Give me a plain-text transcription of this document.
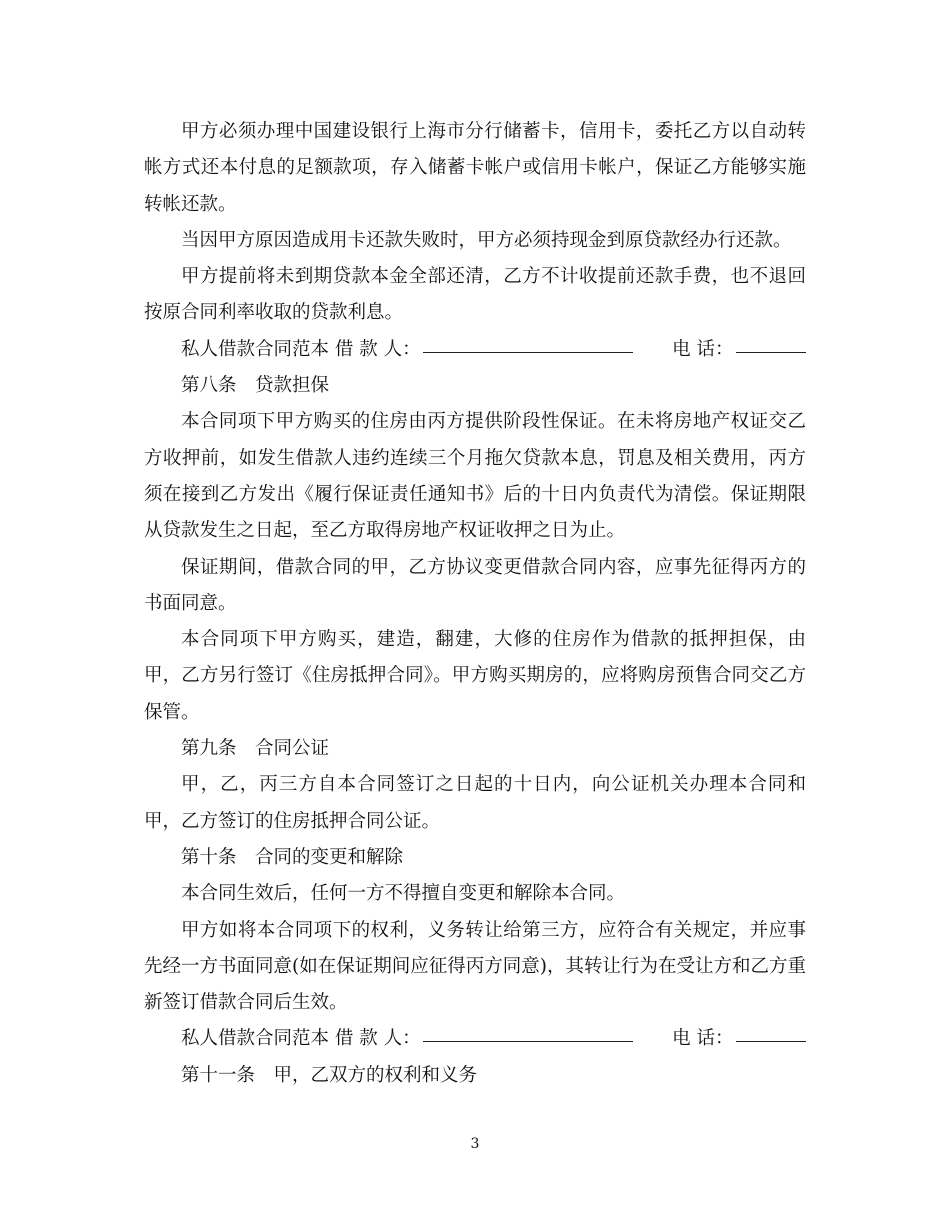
甲方必须办理中国建设银行上海市分行储蓄卡，信用卡，委托乙方以自动转帐方式还本付息的足额款项，存入储蓄卡帐户或信用卡帐户，保证乙方能够实施转帐还款。

当因甲方原因造成用卡还款失败时，甲方必须持现金到原贷款经办行还款。

甲方提前将未到期贷款本金全部还清，乙方不计收提前还款手费，也不退回按原合同利率收取的贷款利息。

私人借款合同范本 借 款 人：	电 话：

第八条　贷款担保

本合同项下甲方购买的住房由丙方提供阶段性保证。在未将房地产权证交乙方收押前，如发生借款人违约连续三个月拖欠贷款本息，罚息及相关费用，丙方须在接到乙方发出《履行保证责任通知书》后的十日内负责代为清偿。保证期限从贷款发生之日起，至乙方取得房地产权证收押之日为止。

保证期间，借款合同的甲，乙方协议变更借款合同内容，应事先征得丙方的书面同意。

本合同项下甲方购买，建造，翻建，大修的住房作为借款的抵押担保，由甲，乙方另行签订《住房抵押合同》。甲方购买期房的，应将购房预售合同交乙方保管。

第九条　合同公证

甲，乙，丙三方自本合同签订之日起的十日内，向公证机关办理本合同和甲，乙方签订的住房抵押合同公证。

第十条　合同的变更和解除

本合同生效后，任何一方不得擅自变更和解除本合同。

甲方如将本合同项下的权利，义务转让给第三方，应符合有关规定，并应事先经一方书面同意(如在保证期间应征得丙方同意)，其转让行为在受让方和乙方重新签订借款合同后生效。

私人借款合同范本 借 款 人：	电 话：

第十一条　甲，乙双方的权利和义务

3
